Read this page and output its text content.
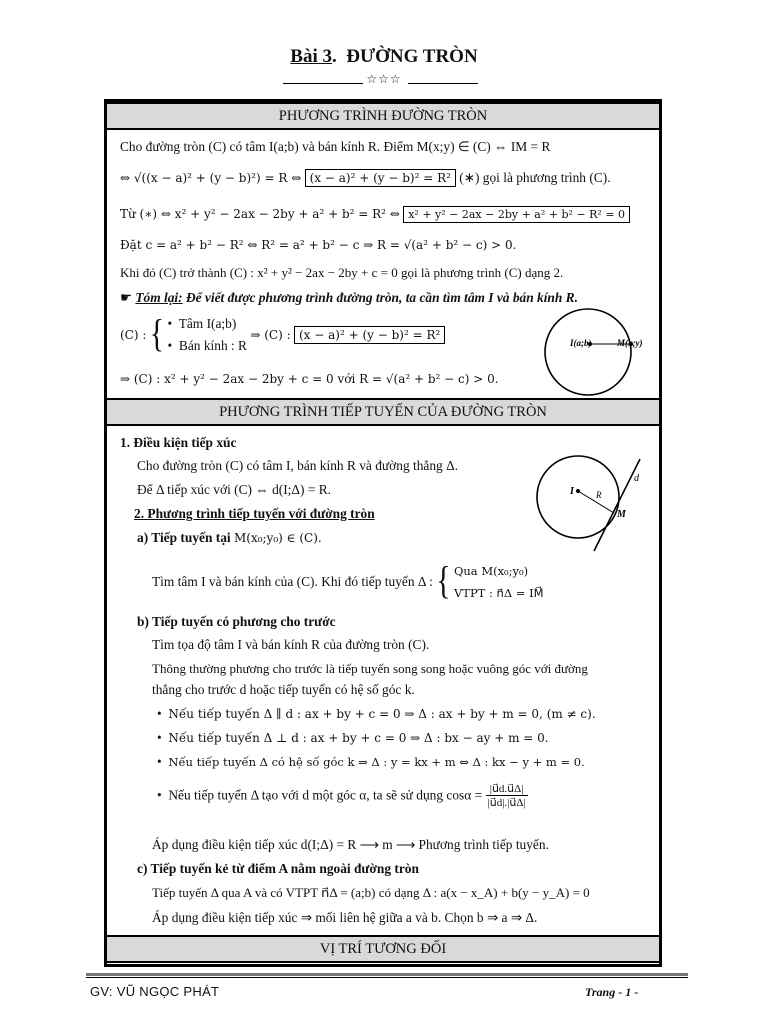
Bài 3. ĐƯỜNG TRÒN
☆☆☆
PHƯƠNG TRÌNH ĐƯỜNG TRÒN
Cho đường tròn (C) có tâm I(a;b) và bán kính R. Điểm M(x;y) ∈ (C) ⇔ IM = R
⇔ √((x − a)² + (y − b)²) = R ⇔ (x − a)² + (y − b)² = R² (∗) gọi là phương trình (C).
Từ (∗) ⇔ x² + y² − 2ax − 2by + a² + b² = R² ⇔ x² + y² − 2ax − 2by + a² + b² − R² = 0
Đặt c = a² + b² − R² ⇔ R² = a² + b² − c ⇒ R = √(a² + b² − c) > 0.
Khi đó (C) trở thành (C) : x² + y² − 2ax − 2by + c = 0 gọi là phương trình (C) dạng 2.
☛ Tóm lại: Để viết được phương trình đường tròn, ta cần tìm tâm I và bán kính R.
(C) : { •  Tâm I(a;b)
•  Bán kính : R
⇒ (C) : (x − a)² + (y − b)² = R²
⇒ (C) : x² + y² − 2ax − 2by + c = 0 với R = √(a² + b² − c) > 0.
I(a;b)	M(x;y)
PHƯƠNG TRÌNH TIẾP TUYẾN CỦA ĐƯỜNG TRÒN
1. Điều kiện tiếp xúc
Cho đường tròn (C) có tâm I, bán kính R và đường thẳng Δ.
Để Δ tiếp xúc với (C) ⇔ d(I;Δ) = R.
2. Phương trình tiếp tuyến với đường tròn
a) Tiếp tuyến tại M(x₀;y₀) ∈ (C).
Tìm tâm I và bán kính của (C). Khi đó tiếp tuyến Δ : { Qua M(x₀;y₀)
VTPT : n⃗Δ = IM⃗
b) Tiếp tuyến có phương cho trước
Tìm tọa độ tâm I và bán kính R của đường tròn (C).
Thông thường phương cho trước là tiếp tuyến song song hoặc vuông góc với đường
thẳng cho trước d hoặc tiếp tuyến có hệ số góc k.
•  Nếu tiếp tuyến Δ ∥ d : ax + by + c = 0 ⇒ Δ : ax + by + m = 0, (m ≠ c).
•  Nếu tiếp tuyến Δ ⊥ d : ax + by + c = 0 ⇒ Δ : bx − ay + m = 0.
•  Nếu tiếp tuyến Δ có hệ số góc k ⇒ Δ : y = kx + m ⇔ Δ : kx − y + m = 0.
•  Nếu tiếp tuyến Δ tạo với d một góc α, ta sẽ sử dụng $\cos\alpha = \frac{|u⃗d.u⃗\Delta|}{|u⃗d|.|u⃗\Delta|}$
Áp dụng điều kiện tiếp xúc d(I;Δ) = R ⟶ m ⟶ Phương trình tiếp tuyến.
c) Tiếp tuyến kẻ từ điểm A nằm ngoài đường tròn
Tiếp tuyến Δ qua A và có VTPT n⃗Δ = (a;b) có dạng Δ : a(x − x_A) + b(y − y_A) = 0
Áp dụng điều kiện tiếp xúc ⇒ mối liên hệ giữa a và b. Chọn b ⇒ a ⇒ Δ.
I R
M
d
VỊ TRÍ TƯƠNG ĐỐI
GV: VŨ NGỌC PHÁT	Trang - 1 -
